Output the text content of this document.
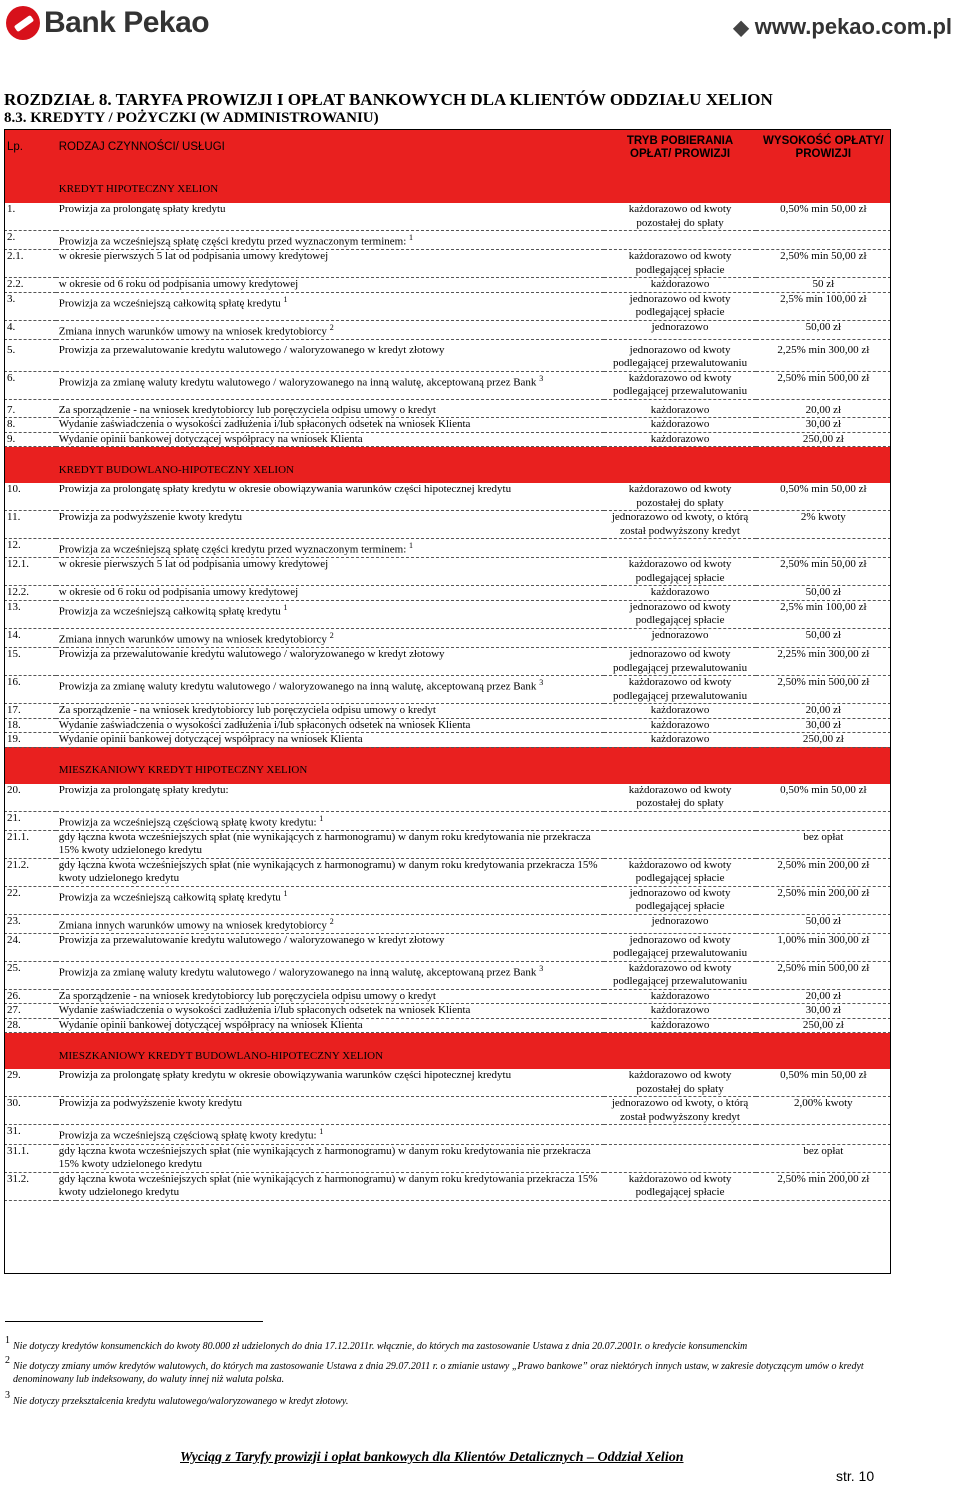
Bank Pekao	◆ www.pekao.com.pl
ROZDZIAŁ 8. TARYFA PROWIZJI I OPŁAT BANKOWYCH DLA KLIENTÓW ODDZIAŁU XELION
8.3. KREDYTY / POŻYCZKI (W ADMINISTROWANIU)
Lp.	RODZAJ CZYNNOŚCI/ USŁUGI	TRYB POBIERANIA OPŁAT/ PROWIZJI	WYSOKOŚĆ OPŁATY/ PROWIZJI
	KREDYT HIPOTECZNY XELION		
1.	Prowizja za prolongatę spłaty kredytu	każdorazowo od kwoty pozostałej do spłaty	0,50% min 50,00 zł
2.	Prowizja za wcześniejszą spłatę części kredytu przed wyznaczonym terminem: $^1$		
2.1.	w okresie pierwszych 5 lat od podpisania umowy kredytowej	każdorazowo od kwoty podlegającej spłacie	2,50% min 50,00 zł
2.2.	w okresie od 6 roku od podpisania umowy kredytowej	każdorazowo	50 zł
3.	Prowizja za wcześniejszą całkowitą spłatę kredytu $^1$	jednorazowo od kwoty podlegającej spłacie	2,5% min 100,00 zł
4.	Zmiana innych warunków umowy na wniosek kredytobiorcy $^2$	jednorazowo	50,00 zł

5.	Prowizja za przewalutowanie kredytu walutowego / waloryzowanego w kredyt złotowy	jednorazowo od kwoty podlegającej przewalutowaniu	2,25% min 300,00 zł
6.	Prowizja za zmianę waluty kredytu walutowego / waloryzowanego na inną walutę, akceptowaną przez Bank $^3$	każdorazowo od kwoty podlegającej przewalutowaniu	2,50% min 500,00 zł

7.	Za sporządzenie - na wniosek kredytobiorcy lub poręczyciela odpisu umowy o kredyt	każdorazowo	20,00 zł
8.	Wydanie zaświadczenia o wysokości zadłużenia i/lub spłaconych odsetek na wniosek Klienta	każdorazowo	30,00 zł
9.	Wydanie opinii bankowej dotyczącej współpracy na wniosek Klienta	każdorazowo	250,00 zł
	KREDYT BUDOWLANO-HIPOTECZNY XELION		
10.	Prowizja za prolongatę spłaty kredytu w okresie obowiązywania warunków części hipotecznej kredytu	każdorazowo od kwoty pozostałej do spłaty	0,50% min 50,00 zł
11.	Prowizja za podwyższenie kwoty kredytu	jednorazowo od kwoty, o którą został podwyższony kredyt	2% kwoty
12.	Prowizja za wcześniejszą spłatę części kredytu przed wyznaczonym terminem: $^1$		
12.1.	w okresie pierwszych 5 lat od podpisania umowy kredytowej	każdorazowo od kwoty podlegającej spłacie	2,50% min 50,00 zł
12.2.	w okresie od 6 roku od podpisania umowy kredytowej	każdorazowo	50,00 zł
13.	Prowizja za wcześniejszą całkowitą spłatę kredytu $^1$	jednorazowo od kwoty podlegającej spłacie	2,5% min 100,00 zł
14.	Zmiana innych warunków umowy na wniosek kredytobiorcy $^2$	jednorazowo	50,00 zł
15.	Prowizja za przewalutowanie kredytu walutowego / waloryzowanego w kredyt złotowy	jednorazowo od kwoty podlegającej przewalutowaniu	2,25% min 300,00 zł
16.	Prowizja za zmianę waluty kredytu walutowego / waloryzowanego na inną walutę, akceptowaną przez Bank $^3$	każdorazowo od kwoty podlegającej przewalutowaniu	2,50% min 500,00 zł
17.	Za sporządzenie - na wniosek kredytobiorcy lub poręczyciela odpisu umowy o kredyt	każdorazowo	20,00 zł
18.	Wydanie zaświadczenia o wysokości zadłużenia i/lub spłaconych odsetek na wniosek Klienta	każdorazowo	30,00 zł
19.	Wydanie opinii bankowej dotyczącej współpracy na wniosek Klienta	każdorazowo	250,00 zł
	MIESZKANIOWY KREDYT HIPOTECZNY XELION		
20.	Prowizja za prolongatę spłaty kredytu:	każdorazowo od kwoty pozostałej do spłaty	0,50% min 50,00 zł
21.	Prowizja za wcześniejszą częściową spłatę kwoty kredytu: $^1$		
21.1.	gdy łączna kwota wcześniejszych spłat (nie wynikających z harmonogramu) w danym roku kredytowania nie przekracza 15% kwoty udzielonego kredytu		bez opłat
21.2.	gdy łączna kwota wcześniejszych spłat (nie wynikających z harmonogramu) w danym roku kredytowania przekracza 15% kwoty udzielonego kredytu	każdorazowo od kwoty podlegającej spłacie	2,50% min 200,00 zł
22.	Prowizja za wcześniejszą całkowitą spłatę kredytu $^1$	jednorazowo od kwoty podlegającej spłacie	2,50% min 200,00 zł
23.	Zmiana innych warunków umowy na wniosek kredytobiorcy $^2$	jednorazowo	50,00 zł
24.	Prowizja za przewalutowanie kredytu walutowego / waloryzowanego w kredyt złotowy	jednorazowo od kwoty podlegającej przewalutowaniu	1,00% min 300,00 zł
25.	Prowizja za zmianę waluty kredytu walutowego / waloryzowanego na inną walutę, akceptowaną przez Bank $^3$	każdorazowo od kwoty podlegającej przewalutowaniu	2,50% min 500,00 zł
26.	Za sporządzenie - na wniosek kredytobiorcy lub poręczyciela odpisu umowy o kredyt	każdorazowo	20,00 zł
27.	Wydanie zaświadczenia o wysokości zadłużenia i/lub spłaconych odsetek na wniosek Klienta	każdorazowo	30,00 zł
28.	Wydanie opinii bankowej dotyczącej współpracy na wniosek Klienta	każdorazowo	250,00 zł
	MIESZKANIOWY KREDYT BUDOWLANO-HIPOTECZNY XELION		
29.	Prowizja za prolongatę spłaty kredytu w okresie obowiązywania warunków części hipotecznej kredytu	każdorazowo od kwoty pozostałej do spłaty	0,50% min 50,00 zł
30.	Prowizja za podwyższenie kwoty kredytu	jednorazowo od kwoty, o którą został podwyższony kredyt	2,00% kwoty
31.	Prowizja za wcześniejszą częściową spłatę kwoty kredytu: $^1$		
31.1.	gdy łączna kwota wcześniejszych spłat (nie wynikających z harmonogramu) w danym roku kredytowania nie przekracza 15% kwoty udzielonego kredytu		bez opłat
31.2.	gdy łączna kwota wcześniejszych spłat (nie wynikających z harmonogramu) w danym roku kredytowania przekracza 15% kwoty udzielonego kredytu	każdorazowo od kwoty podlegającej spłacie	2,50% min 200,00 zł
1
Nie dotyczy kredytów konsumenckich do kwoty 80.000 zł udzielonych do dnia 17.12.2011r. włącznie, do których ma zastosowanie Ustawa z dnia 20.07.2001r. o kredycie konsumenckim
2
Nie dotyczy zmiany umów kredytów walutowych, do których ma zastosowanie Ustawa z dnia 29.07.2011 r. o zmianie ustawy „Prawo bankowe” oraz niektórych innych ustaw, w zakresie dotyczącym umów o kredyt denominowany lub indeksowany, do waluty innej niż waluta polska.
3
Nie dotyczy przekształcenia kredytu walutowego/waloryzowanego w kredyt złotowy.
Wyciąg z Taryfy prowizji i opłat bankowych dla Klientów Detalicznych – Oddział Xelion
str. 10
